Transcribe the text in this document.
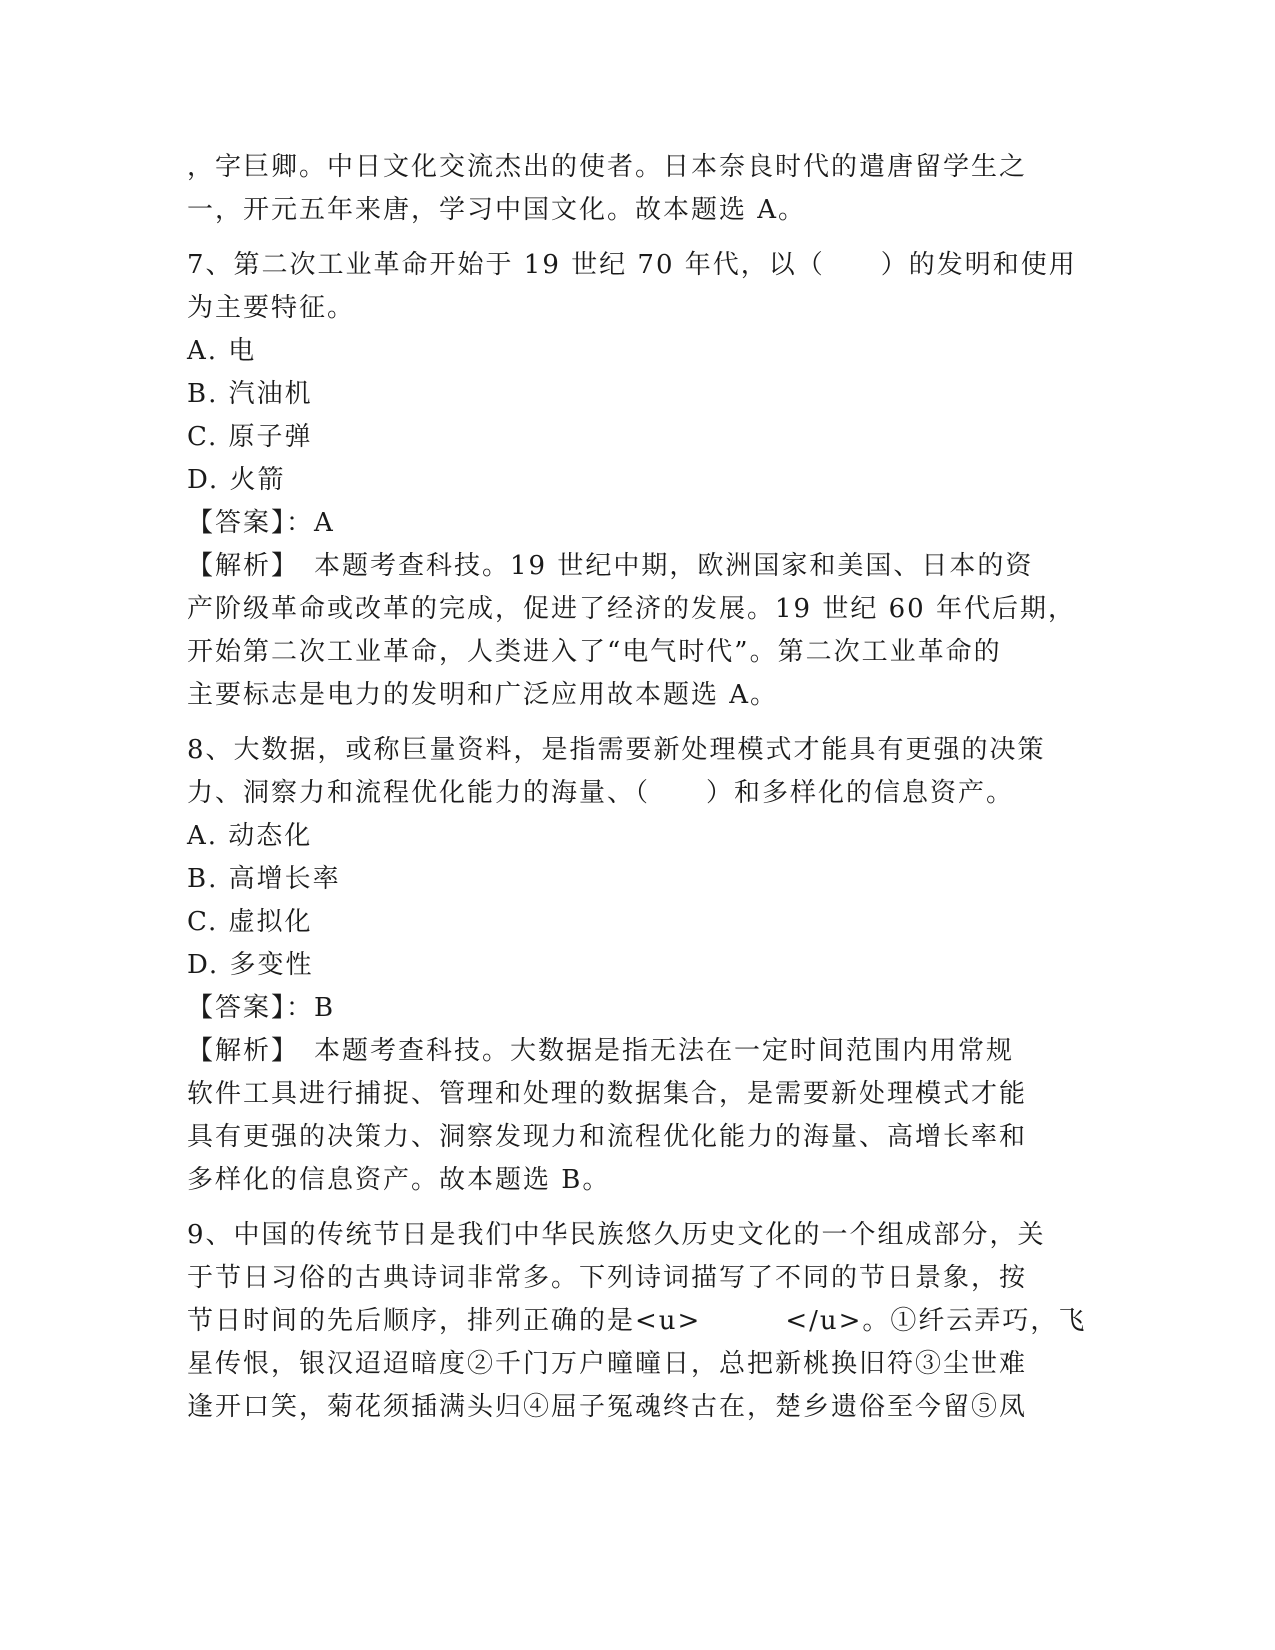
，字巨卿。中日文化交流杰出的使者。日本奈良时代的遣唐留学生之
一，开元五年来唐，学习中国文化。故本题选 A。
7、第二次工业革命开始于 19 世纪 70 年代，以（　　）的发明和使用
为主要特征。
A. 电
B. 汽油机
C. 原子弹
D. 火箭
【答案】：A
【解析】　本题考查科技。19 世纪中期，欧洲国家和美国、日本的资
产阶级革命或改革的完成，促进了经济的发展。19 世纪 60 年代后期，
开始第二次工业革命，人类进入了“电气时代”。第二次工业革命的
主要标志是电力的发明和广泛应用故本题选 A。
8、大数据，或称巨量资料，是指需要新处理模式才能具有更强的决策
力、洞察力和流程优化能力的海量、（　　）和多样化的信息资产。
A. 动态化
B. 高增长率
C. 虚拟化
D. 多变性
【答案】：B
【解析】　本题考查科技。大数据是指无法在一定时间范围内用常规
软件工具进行捕捉、管理和处理的数据集合，是需要新处理模式才能
具有更强的决策力、洞察发现力和流程优化能力的海量、高增长率和
多样化的信息资产。故本题选 B。
9、中国的传统节日是我们中华民族悠久历史文化的一个组成部分，关
于节日习俗的古典诗词非常多。下列诗词描写了不同的节日景象，按
节日时间的先后顺序，排列正确的是<u>　　　</u>。①纤云弄巧，飞
星传恨，银汉迢迢暗度②千门万户曈曈日，总把新桃换旧符③尘世难
逢开口笑，菊花须插满头归④屈子冤魂终古在，楚乡遗俗至今留⑤凤
